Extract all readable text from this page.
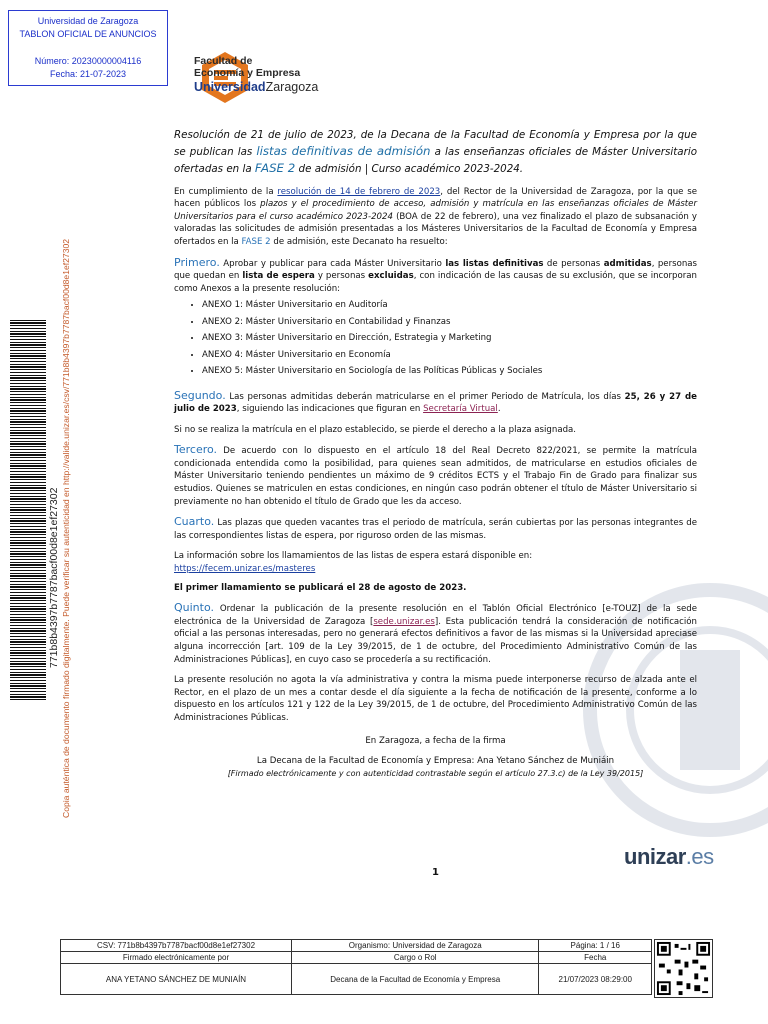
Universidad de Zaragoza
TABLON OFICIAL DE ANUNCIOS
Número: 20230000004116
Fecha: 21-07-2023
Facultad de
Economía y Empresa
UniversidadZaragoza
771b8b4397b7787bacf00d8e1ef27302 Copia auténtica de documento firmado digitalmente. Puede verificar su autenticidad en http://valide.unizar.es/csv/771b8b4397b7787bacf00d8e1ef27302

Resolución de 21 de julio de 2023, de la Decana de la Facultad de Economía y Empresa por la que se publican las listas definitivas de admisión a las enseñanzas oficiales de Máster Universitario ofertadas en la FASE 2 de admisión | Curso académico 2023-2024.

En cumplimiento de la resolución de 14 de febrero de 2023, del Rector de la Universidad de Zaragoza, por la que se hacen públicos los plazos y el procedimiento de acceso, admisión y matrícula en las enseñanzas oficiales de Máster Universitarios para el curso académico 2023-2024 (BOA de 22 de febrero), una vez finalizado el plazo de subsanación y valoradas las solicitudes de admisión presentadas a los Másteres Universitarios de la Facultad de Economía y Empresa ofertados en la FASE 2 de admisión, este Decanato ha resuelto:

Primero. Aprobar y publicar para cada Máster Universitario las listas definitivas de personas admitidas, personas que quedan en lista de espera y personas excluidas, con indicación de las causas de su exclusión, que se incorporan como Anexos a la presente resolución:

• ANEXO 1: Máster Universitario en Auditoría
• ANEXO 2: Máster Universitario en Contabilidad y Finanzas
• ANEXO 3: Máster Universitario en Dirección, Estrategia y Marketing
• ANEXO 4: Máster Universitario en Economía
• ANEXO 5: Máster Universitario en Sociología de las Políticas Públicas y Sociales

Segundo. Las personas admitidas deberán matricularse en el primer Periodo de Matrícula, los días 25, 26 y 27 de julio de 2023, siguiendo las indicaciones que figuran en Secretaría Virtual.

Si no se realiza la matrícula en el plazo establecido, se pierde el derecho a la plaza asignada.

Tercero. De acuerdo con lo dispuesto en el artículo 18 del Real Decreto 822/2021, se permite la matrícula condicionada entendida como la posibilidad, para quienes sean admitidos, de matricularse en estudios oficiales de Máster Universitario teniendo pendientes un máximo de 9 créditos ECTS y el Trabajo Fin de Grado para finalizar sus estudios. Quienes se matriculen en estas condiciones, en ningún caso podrán obtener el título de Máster Universitario si previamente no han obtenido el título de Grado que les da acceso.

Cuarto. Las plazas que queden vacantes tras el periodo de matrícula, serán cubiertas por las personas integrantes de las correspondientes listas de espera, por riguroso orden de las mismas.

La información sobre los llamamientos de las listas de espera estará disponible en:
https://fecem.unizar.es/masteres

El primer llamamiento se publicará el 28 de agosto de 2023.

Quinto. Ordenar la publicación de la presente resolución en el Tablón Oficial Electrónico [e-TOUZ] de la sede electrónica de la Universidad de Zaragoza [sede.unizar.es]. Esta publicación tendrá la consideración de notificación oficial a las personas interesadas, pero no generará efectos definitivos a favor de las mismas si la Universidad apreciase alguna incorrección [art. 109 de la Ley 39/2015, de 1 de octubre, del Procedimiento Administrativo Común de las Administraciones Públicas], en cuyo caso se procedería a su rectificación.

La presente resolución no agota la vía administrativa y contra la misma puede interponerse recurso de alzada ante el Rector, en el plazo de un mes a contar desde el día siguiente a la fecha de notificación de la presente, conforme a lo dispuesto en los artículos 121 y 122 de la Ley 39/2015, de 1 de octubre, del Procedimiento Administrativo Común de las Administraciones Públicas.

En Zaragoza, a fecha de la firma

La Decana de la Facultad de Economía y Empresa: Ana Yetano Sánchez de Muniáin

[Firmado electrónicamente y con autenticidad contrastable según el artículo 27.3.c) de la Ley 39/2015]

1
unizar.es
CSV: 771b8b4397b7787bacf00d8e1ef27302	Organismo: Universidad de Zaragoza	Página: 1 / 16
Firmado electrónicamente por	Cargo o Rol	Fecha
ANA YETANO SÁNCHEZ DE MUNIAÍN	Decana de la Facultad de Economía y Empresa	21/07/2023 08:29:00
